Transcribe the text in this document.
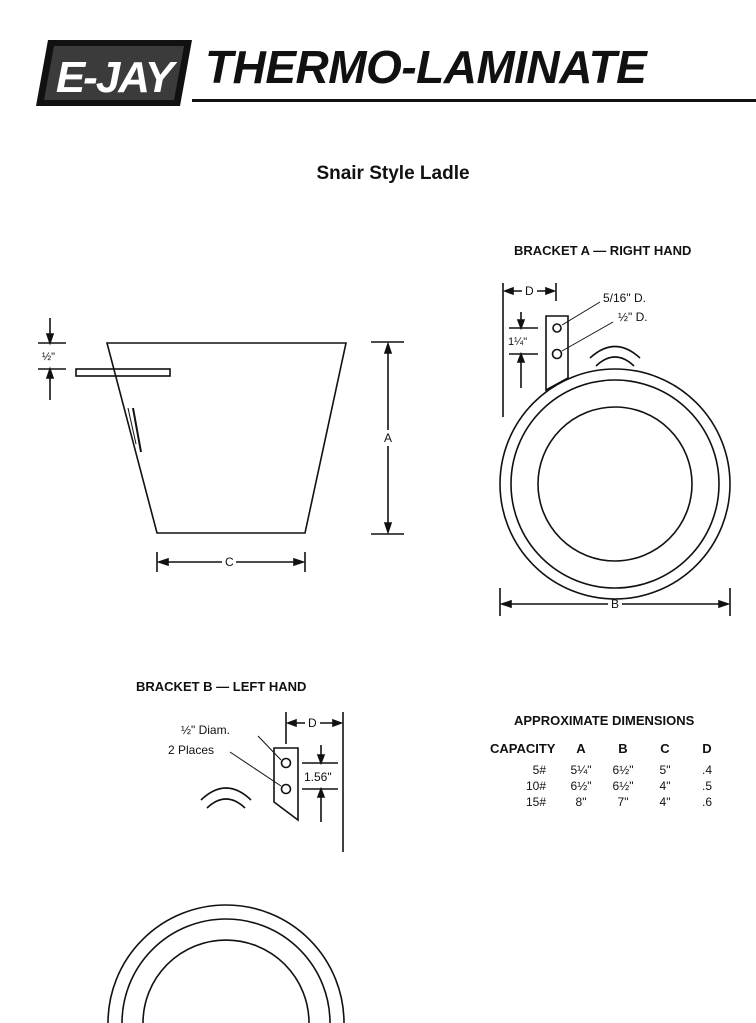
E-JAY THERMO-LAMINATE
Snair Style Ladle
BRACKET A — RIGHT HAND
BRACKET B — LEFT HAND
APPROXIMATE DIMENSIONS
A
C
½"
5/16" D.
½" D.
D
1¼"
B
½" Diam.
2 Places
D
1.56"
CAPACITY	A	B	C	D
5#	5¼"	6½"	5"	.4
10#	6½"	6½"	4"	.5
15#	8"	7"	4"	.6
